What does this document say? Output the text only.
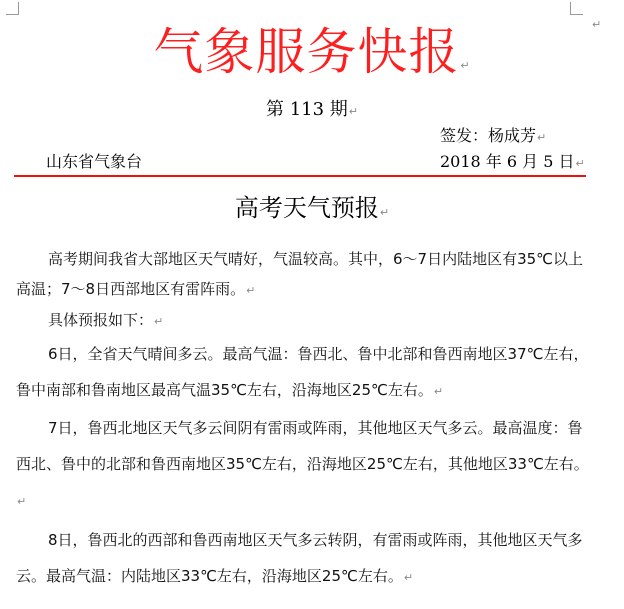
↵
气象服务快报↵
第 113 期↵
签发：杨成芳↵
山东省气象台	2018 年 6 月 5 日↵
高考天气预报↵
高考期间我省大部地区天气晴好，气温较高。其中，6～7日内陆地区有35℃以上高温；7～8日西部地区有雷阵雨。↵
具体预报如下：↵
6日，全省天气晴间多云。最高气温：鲁西北、鲁中北部和鲁西南地区37℃左右，鲁中南部和鲁南地区最高气温35℃左右，沿海地区25℃左右。↵
7日，鲁西北地区天气多云间阴有雷雨或阵雨，其他地区天气多云。最高温度：鲁西北、鲁中的北部和鲁西南地区35℃左右，沿海地区25℃左右，其他地区33℃左右。↵
8日，鲁西北的西部和鲁西南地区天气多云转阴，有雷雨或阵雨，其他地区天气多云。最高气温：内陆地区33℃左右，沿海地区25℃左右。↵
